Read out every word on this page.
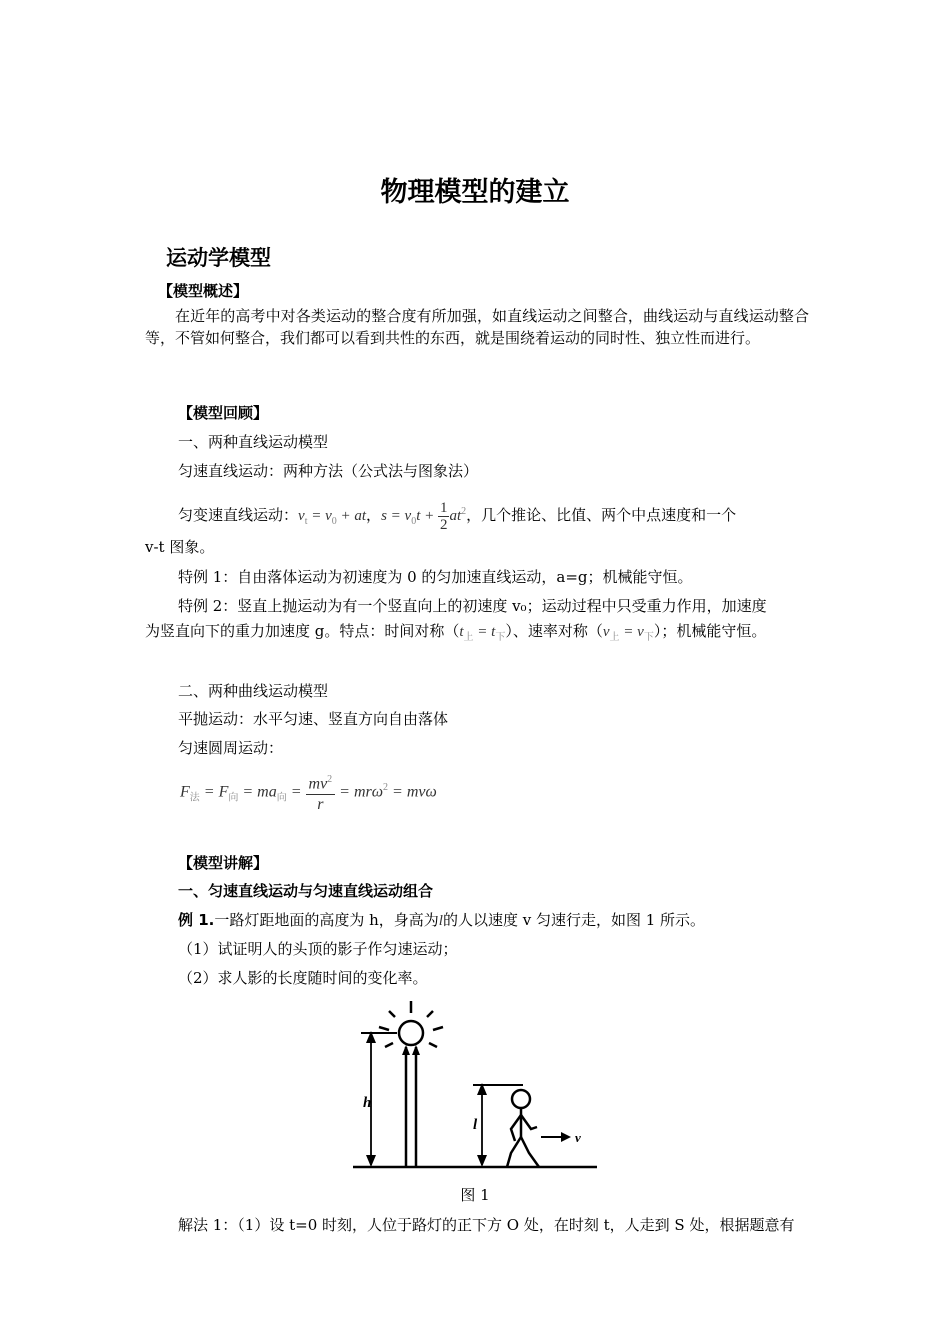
物理模型的建立
运动学模型
【模型概述】
在近年的高考中对各类运动的整合度有所加强，如直线运动之间整合，曲线运动与直线运动整合等，不管如何整合，我们都可以看到共性的东西，就是围绕着运动的同时性、独立性而进行。
【模型回顾】
一、两种直线运动模型
匀速直线运动：两种方法（公式法与图象法）
匀变速直线运动：$v_t = v_0$ + at，$s = v_0t + \frac{1}{2} at^2$，几个推论、比值、两个中点速度和一个
v-t 图象。
特例 1：自由落体运动为初速度为 0 的匀加速直线运动，a=g；机械能守恒。
特例 2：竖直上抛运动为有一个竖直向上的初速度 v₀；运动过程中只受重力作用，加速度
为竖直向下的重力加速度 g。特点：时间对称$(t_上 = t_下)$、速率对称$(v_上 = v_下)$；机械能守恒。
二、两种曲线运动模型
平抛运动：水平匀速、竖直方向自由落体
匀速圆周运动：
$F_法 = F_向 = ma_向 = \frac{mv^2}{r} = mr\omega^2 = mv\omega$
【模型讲解】
一、匀速直线运动与匀速直线运动组合
例 1.一路灯距地面的高度为 h，身高为l的人以速度 v 匀速行走，如图 1 所示。
（1）试证明人的头顶的影子作匀速运动；
（2）求人影的长度随时间的变化率。
h
l
v
图 1
解法 1：（1）设 t=0 时刻，人位于路灯的正下方 O 处，在时刻 t，人走到 S 处，根据题意有
